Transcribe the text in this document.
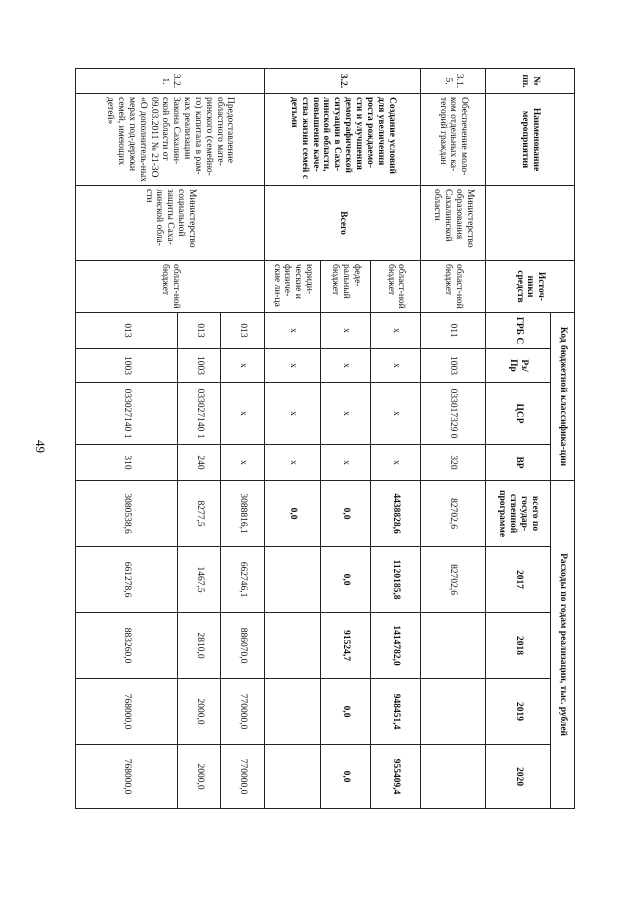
49
№ пп.	Наименование мероприятия		Источ-ники средств	Код бюджетной классифика-ции				Расходы по годам реализации, тыс. рублей				
				ГРБ С	Рз/ Пр	ЦСР	ВР	всего по государ-ственной программе	2017	2018	2019	2020
3.1.5.	Обеспечение моло-ком отдельных ка-тегорий граждан	Министерство образования Сахалинской области	област-ной бюджет	011	1003	033017329 0	320	82702,6	82702,6			
3.2.	Создание условий для увеличения роста рождаемо-сти и улучшения демографической ситуации в Саха-линской области, повышение каче-ства жизни семей с детьми	Всего	област-ной бюджет	x	x	x	x	4438828,6	1120185,8	1414782,0	948451,4	955409,4
			феде-ральный бюджет	x	x	x	x	0,0	0,0	91524,7	0,0	0,0
			юриди-ческие и физиче-ские ли-ца	x	x	x	x	0,0				
3.2.1.	Предоставление областного мате-ринского (семейно-го) капитала в рам-ках реализации Закона Сахалин-ской области от 09.03.2011 № 21-ЗО «О дополнитель-ных мерах под-держки семей, имеющих детей»	Министерство социальной защиты Саха-линской обла-сти	област-ной бюджет	013	x	x	x	3088816,1	662746,1	886070,0	770000,0	770000,0
				013	1003	033027140 1	240	8277,5	1467,5	2810,0	2000,0	2000,0
				013	1003	033027140 1	310	3080538,6	661278,6	883260,0	768000,0	768000,0
